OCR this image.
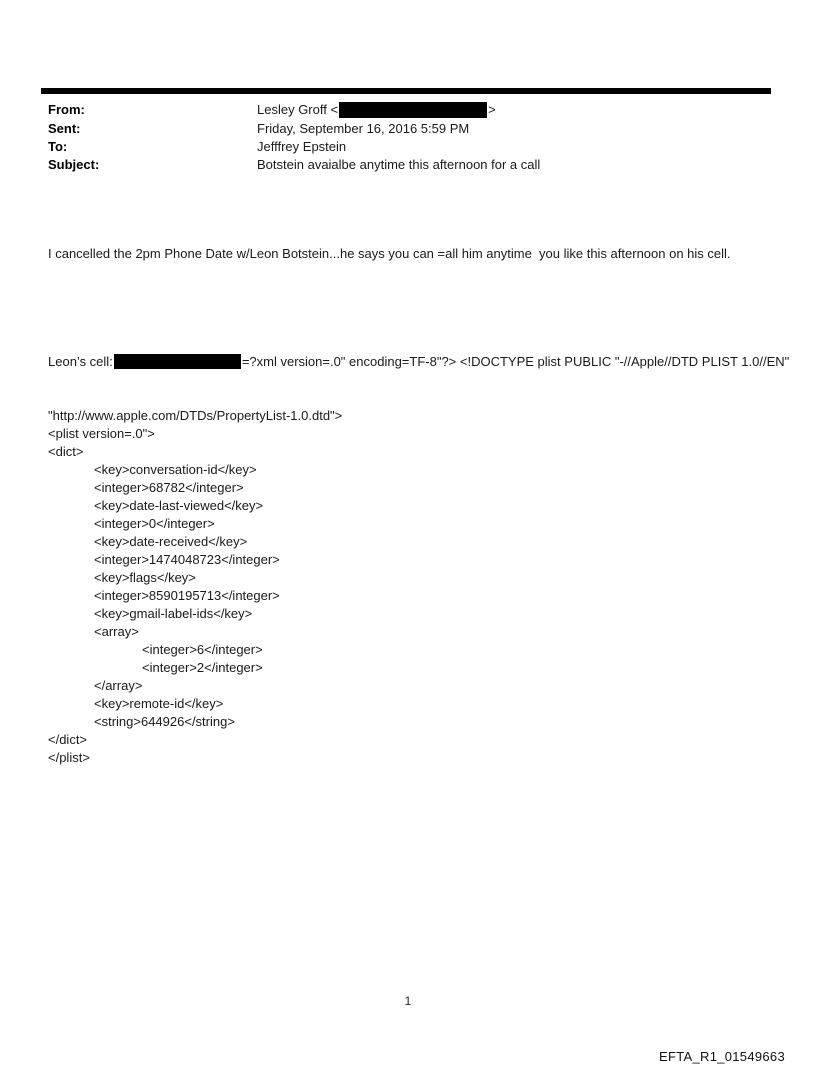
From:	Lesley Groff <	>
Sent:	Friday, September 16, 2016 5:59 PM
To:	Jefffrey Epstein
Subject:	Botstein avaialbe anytime this afternoon for a call

I cancelled the 2pm Phone Date w/Leon Botstein...he says you can =all him anytime  you like this afternoon on his cell.

Leon’s cell:	=?xml version=.0" encoding=TF-8"?> <!DOCTYPE plist PUBLIC "-//Apple//DTD PLIST 1.0//EN"

"http://www.apple.com/DTDs/PropertyList-1.0.dtd">
<plist version=.0">
<dict>
<key>conversation-id</key>
<integer>68782</integer>
<key>date-last-viewed</key>
<integer>0</integer>
<key>date-received</key>
<integer>1474048723</integer>
<key>flags</key>
<integer>8590195713</integer>
<key>gmail-label-ids</key>
<array>
<integer>6</integer>
<integer>2</integer>
</array>
<key>remote-id</key>
<string>644926</string>
</dict>
</plist>

1
EFTA_R1_01549663
